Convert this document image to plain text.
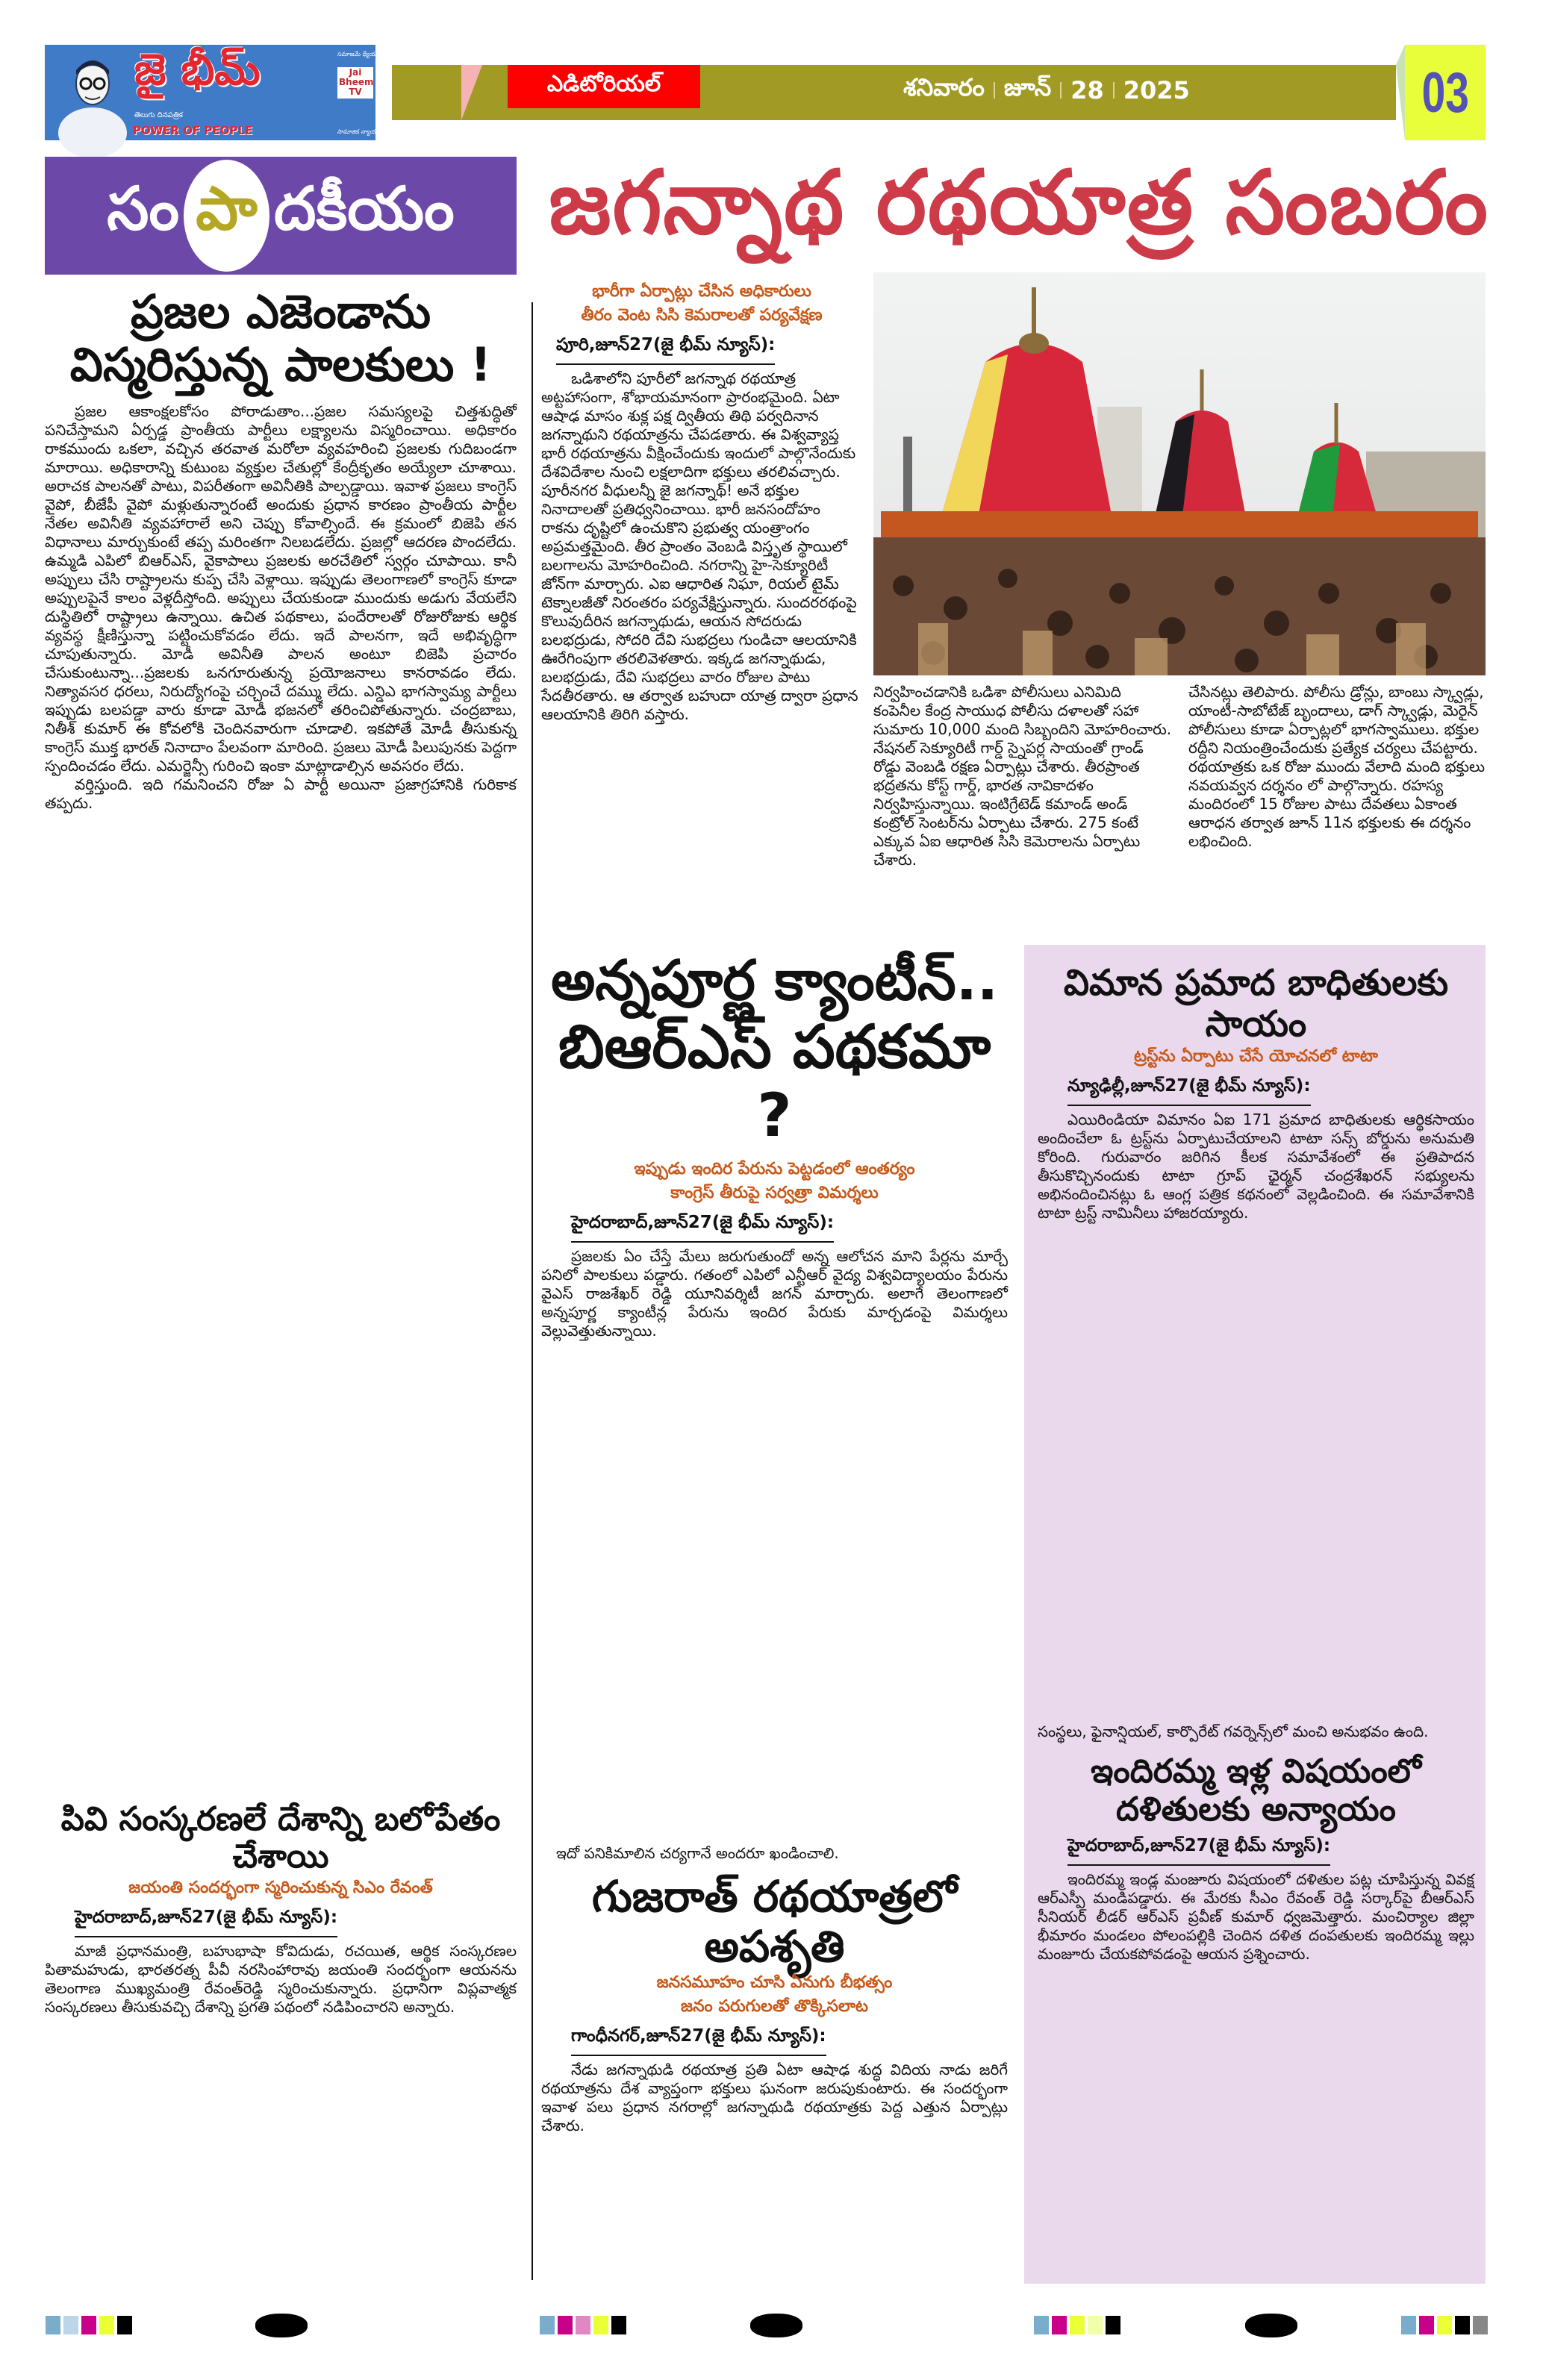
జై భీమ్
తెలుగు దినపత్రిక
POWER OF PEOPLE
సమాజమే ధ్యేయంగా
Jai Bheem TV
సామాజిక న్యాయంగా
ఎడిటోరియల్	శనివారం జూన్ 28 2025	03
సం పా దకీయం జగన్నాథ రథయాత్ర సంబరం
ప్రజల ఎజెండాను
విస్మరిస్తున్న పాలకులు !

ప్రజల ఆకాంక్షలకోసం పోరాడుతాం...ప్రజల సమస్యలపై చిత్తశుద్ధితో పనిచేస్తామని ఏర్పడ్డ ప్రాంతీయ పార్టీలు లక్ష్యాలను విస్మరించాయి. అధికారం రాకముందు ఒకలా, వచ్చిన తరవాత మరోలా వ్యవహరించి ప్రజలకు గుదిబండగా మారాయి. అధికారాన్ని కుటుంబ వ్యక్తుల చేతుల్లో కేంద్రీకృతం అయ్యేలా చూశాయి. అరాచక పాలనతో పాటు, విపరీతంగా అవినీతికి పాల్పడ్డాయి. ఇవాళ ప్రజలు కాంగ్రెస్ వైపో, బీజేపీ వైపో మళ్లుతున్నారంటే అందుకు ప్రధాన కారణం ప్రాంతీయ పార్టీల నేతల అవినీతి వ్యవహారాలే అని చెప్పు కోవాల్సిందే. ఈ క్రమంలో బిజెపి తన విధానాలు మార్చుకుంటే తప్ప మరింతగా నిలబడలేదు. ప్రజల్లో ఆదరణ పొందలేదు. ఉమ్మడి ఎపిలో బిఆర్ఎస్, వైకాపాలు ప్రజలకు అరచేతిలో స్వర్గం చూపాయి. కానీ అప్పులు చేసి రాష్ట్రాలను కుప్ప చేసి వెళ్లాయి. ఇప్పుడు తెలంగాణలో కాంగ్రెస్ కూడా అప్పులపైనే కాలం వెళ్లదీస్తోంది. అప్పులు చేయకుండా ముందుకు అడుగు వేయలేని దుస్థితిలో రాష్ట్రాలు ఉన్నాయి. ఉచిత పథకాలు, పందేరాలతో రోజురోజుకు ఆర్థిక వ్యవస్థ క్షీణిస్తున్నా పట్టించుకోవడం లేదు. ఇదే పాలనగా, ఇదే అభివృద్ధిగా చూపుతున్నారు. మోడీ అవినీతి పాలన అంటూ బిజెపి ప్రచారం చేసుకుంటున్నా...ప్రజలకు ఒనగూరుతున్న ప్రయోజనాలు కానరావడం లేదు. నిత్యావసర ధరలు, నిరుద్యోగంపై చర్చించే దమ్ము లేదు. ఎన్డిఎ భాగస్వామ్య పార్టీలు ఇప్పుడు బలపడ్డా వారు కూడా మోడీ భజనలో తరించిపోతున్నారు. చంద్రబాబు, నితీశ్ కుమార్ ఈ కోవలోకి చెందినవారుగా చూడాలి. ఇకపోతే మోడీ తీసుకున్న కాంగ్రెస్ ముక్త భారత్ నినాదాం పేలవంగా మారింది. ప్రజలు మోడీ పిలుపునకు పెద్దగా స్పందించడం లేదు. ఎమర్జెన్సీ గురించి ఇంకా మాట్లాడాల్సిన అవసరం లేదు.

వర్తిస్తుంది. ఇది గమనించని రోజు ఏ పార్టీ అయినా ప్రజాగ్రహానికి గురికాక తప్పదు.

పివి సంస్కరణలే దేశాన్ని బలోపేతం చేశాయి
జయంతి సందర్భంగా స్మరించుకున్న సిఎం రేవంత్
హైదరాబాద్,జూన్27(జై భీమ్ న్యూస్):

మాజీ ప్రధానమంత్రి, బహుభాషా కోవిదుడు, రచయిత, ఆర్థిక సంస్కరణల పితామహుడు, భారతరత్న పీవీ నరసింహారావు జయంతి సందర్భంగా ఆయనను తెలంగాణ ముఖ్యమంత్రి రేవంత్‌రెడ్డి స్మరించుకున్నారు. ప్రధానిగా విప్లవాత్మక సంస్కరణలు తీసుకువచ్చి దేశాన్ని ప్రగతి పథంలో నడిపించారని అన్నారు.

భారీగా ఏర్పాట్లు చేసిన అధికారులు
తీరం వెంట సిసి కెమరాలతో పర్యవేక్షణ
పూరి,జూన్27(జై భీమ్ న్యూస్):

ఒడిశాలోని పూరీలో జగన్నాథ రథయాత్ర అట్టహాసంగా, శోభాయమానంగా ప్రారంభమైంది. ఏటా ఆషాఢ మాసం శుక్ల పక్ష ద్వితీయ తిథి పర్వదినాన జగన్నాథుని రథయాత్రను చేపడతారు. ఈ విశ్వవ్యాప్త భారీ రథయాత్రను వీక్షించేందుకు ఇందులో పాల్గొనేందుకు దేశవిదేశాల నుంచి లక్షలాదిగా భక్తులు తరలివచ్చారు. పూరీనగర వీధులన్నీ జై జగన్నాథ్! అనే భక్తుల నినాదాలతో ప్రతిధ్వనించాయి. భారీ జనసందోహం రాకను దృష్టిలో ఉంచుకొని ప్రభుత్వ యంత్రాంగం అప్రమత్తమైంది. తీర ప్రాంతం వెంబడి విస్తృత స్థాయిలో బలగాలను మోహరించింది. నగరాన్ని హై-సెక్యూరిటీ జోన్‌గా మార్చారు. ఎఐ ఆధారిత నిఘా, రియల్ టైమ్ టెక్నాలజీతో నిరంతరం పర్యవేక్షిస్తున్నారు. సుందరరథంపై కొలువుదీరిన జగన్నాథుడు, ఆయన సోదరుడు బలభద్రుడు, సోదరి దేవి సుభద్రలు గుండిచా ఆలయానికి ఊరేగింపుగా తరలివెళతారు. ఇక్కడ జగన్నాథుడు, బలభద్రుడు, దేవి సుభద్రలు వారం రోజుల పాటు సేదతీరతారు. ఆ తర్వాత బహుదా యాత్ర ద్వారా ప్రధాన ఆలయానికి తిరిగి వస్తారు.

నిర్వహించడానికి ఒడిశా పోలీసులు ఎనిమిది కంపెనీల కేంద్ర సాయుధ పోలీసు దళాలతో సహా సుమారు 10,000 మంది సిబ్బందిని మోహరించారు. నేషనల్ సెక్యూరిటీ గార్డ్ స్నైపర్ల సాయంతో గ్రాండ్ రోడ్డు వెంబడి రక్షణ ఏర్పాట్లు చేశారు. తీరప్రాంత భద్రతను కోస్ట్ గార్డ్, భారత నావికాదళం నిర్వహిస్తున్నాయి. ఇంటిగ్రేటెడ్ కమాండ్ అండ్ కంట్రోల్ సెంటర్‌ను ఏర్పాటు చేశారు. 275 కంటే ఎక్కువ ఏఐ ఆధారిత సిసి కెమెరాలను ఏర్పాటు చేశారు.
చేసినట్లు తెలిపారు. పోలీసు డ్రోన్లు, బాంబు స్క్వాడ్లు, యాంటీ-సాబోటేజ్ బృందాలు, డాగ్ స్క్వాడ్లు, మెరైన్ పోలీసులు కూడా ఏర్పాట్లలో భాగస్వాములు. భక్తుల రద్దీని నియంత్రించేందుకు ప్రత్యేక చర్యలు చేపట్టారు. రథయాత్రకు ఒక రోజు ముందు వేలాది మంది భక్తులు నవయవ్వన దర్శనం లో పాల్గొన్నారు. రహస్య మందిరంలో 15 రోజుల పాటు దేవతలు ఏకాంత ఆరాధన తర్వాత జూన్ 11న భక్తులకు ఈ దర్శనం లభించింది.
అన్నపూర్ణ క్యాంటీన్..
బిఆర్ఎస్ పథకమా ?
ఇప్పుడు ఇందిర పేరును పెట్టడంలో ఆంతర్యం
కాంగ్రెస్ తీరుపై సర్వత్రా విమర్శలు
హైదరాబాద్,జూన్27(జై భీమ్ న్యూస్):

ప్రజలకు ఏం చేస్తే మేలు జరుగుతుందో అన్న ఆలోచన మాని పేర్లను మార్చే పనిలో పాలకులు పడ్డారు. గతంలో ఎపిలో ఎన్టీఆర్ వైద్య విశ్వవిద్యాలయం పేరును వైఎస్ రాజశేఖర్ రెడ్డి యూనివర్శిటీ జగన్ మార్చారు. అలాగే తెలంగాణలో అన్నపూర్ణ క్యాంటీన్ల పేరును ఇందిర పేరుకు మార్చడంపై విమర్శలు వెల్లువెత్తుతున్నాయి.

ఇదో పనికిమాలిన చర్యగానే అందరూ ఖండించాలి.
గుజరాత్ రథయాత్రలో అపశృతి
జనసమూహం చూసి ఏనుగు బీభత్సం
జనం పరుగులతో తొక్కిసలాట
గాంధీనగర్,జూన్27(జై భీమ్ న్యూస్):

నేడు జగన్నాథుడి రథయాత్ర ప్రతి ఏటా ఆషాఢ శుద్ధ విదియ నాడు జరిగే రథయాత్రను దేశ వ్యాప్తంగా భక్తులు ఘనంగా జరుపుకుంటారు. ఈ సందర్భంగా ఇవాళ పలు ప్రధాన నగరాల్లో జగన్నాథుడి రథయాత్రకు పెద్ద ఎత్తున ఏర్పాట్లు చేశారు.

విమాన ప్రమాద బాధితులకు సాయం
ట్రస్ట్‌ను ఏర్పాటు చేసే యోచనలో టాటా
న్యూఢిల్లీ,జూన్27(జై భీమ్ న్యూస్):

ఎయిరిండియా విమానం ఏఐ 171 ప్రమాద బాధితులకు ఆర్థికసాయం అందించేలా ఓ ట్రస్ట్‌ను ఏర్పాటుచేయాలని టాటా సన్స్ బోర్డును అనుమతి కోరింది. గురువారం జరిగిన కీలక సమావేశంలో ఈ ప్రతిపాదన తీసుకొచ్చినందుకు టాటా గ్రూప్ ఛైర్మన్ చంద్రశేఖరన్ సభ్యులను అభినందించినట్లు ఓ ఆంగ్ల పత్రిక కథనంలో వెల్లడించింది. ఈ సమావేశానికి టాటా ట్రస్ట్ నామినీలు హాజరయ్యారు.

సంస్థలు, ఫైనాన్షియల్, కార్పొరేట్ గవర్నెన్స్‌లో మంచి అనుభవం ఉంది.
ఇందిరమ్మ ఇళ్ల విషయంలో దళితులకు అన్యాయం
హైదరాబాద్,జూన్27(జై భీమ్ న్యూస్):

ఇందిరమ్మ ఇండ్ల మంజూరు విషయంలో దళితుల పట్ల చూపిస్తున్న వివక్ష ఆర్ఎస్పీ మండిపడ్డారు. ఈ మేరకు సీఎం రేవంత్ రెడ్డి సర్కార్‌పై బీఆర్ఎస్ సీనియర్ లీడర్ ఆర్ఎస్ ప్రవీణ్ కుమార్ ధ్వజమెత్తారు. మంచిర్యాల జిల్లా భీమారం మండలం పోలంపల్లికి చెందిన దళిత దంపతులకు ఇందిరమ్మ ఇల్లు మంజూరు చేయకపోవడంపై ఆయన ప్రశ్నించారు.
